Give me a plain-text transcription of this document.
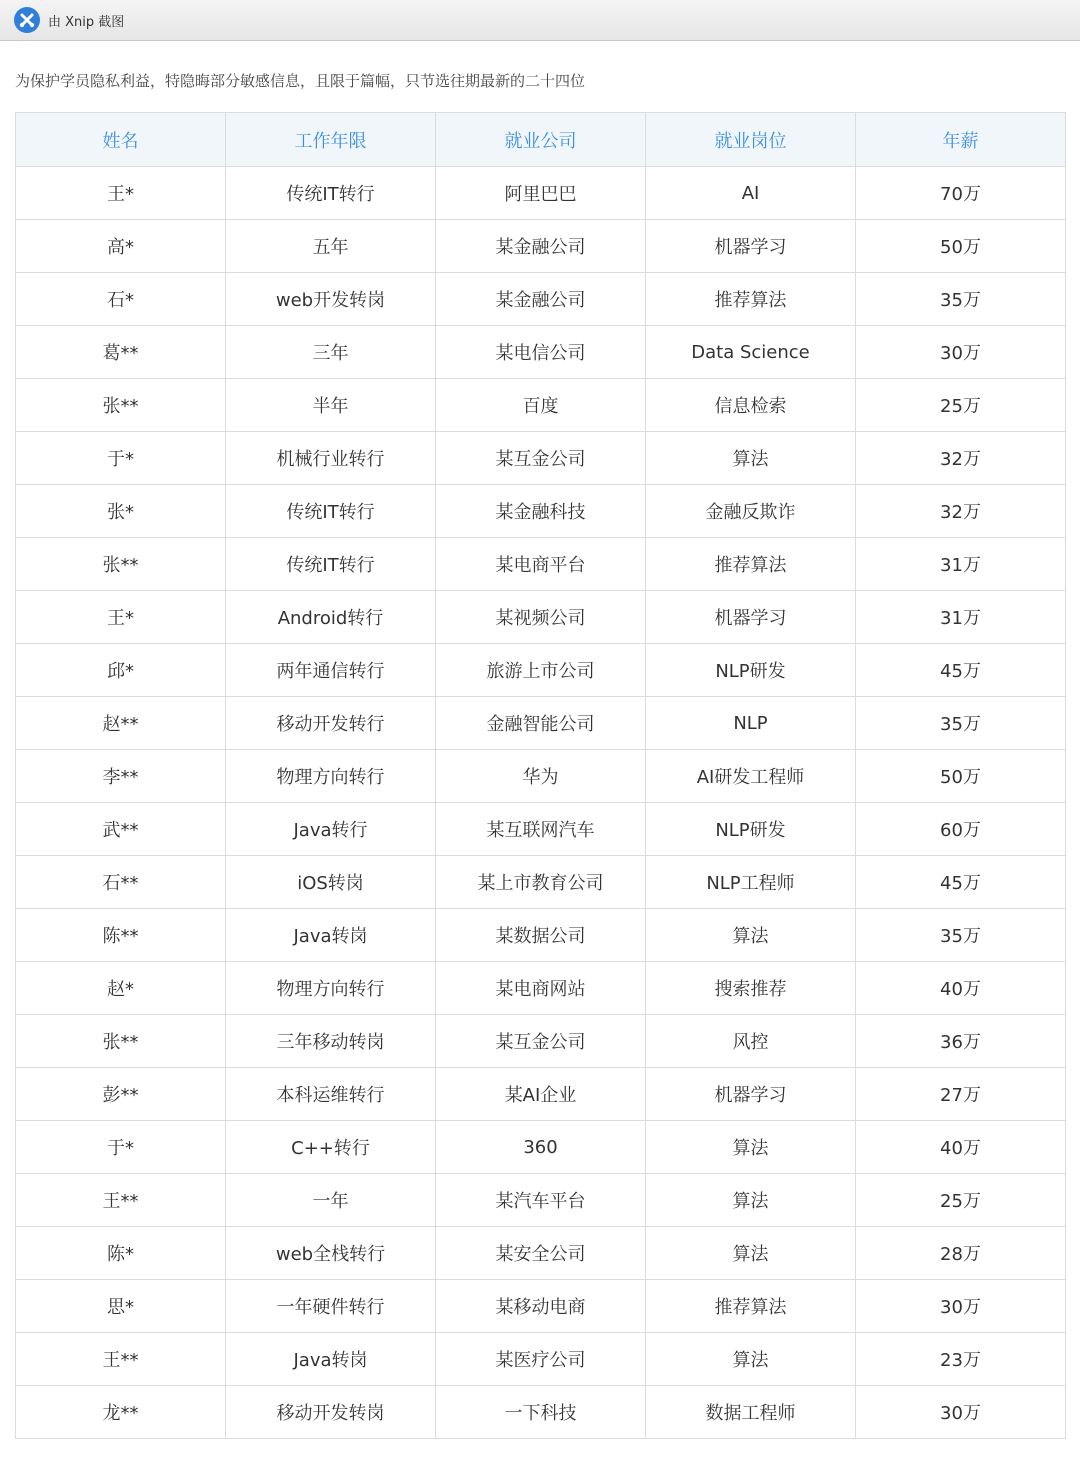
由 Xnip 截图
为保护学员隐私利益，特隐晦部分敏感信息，且限于篇幅，只节选往期最新的二十四位
姓名	工作年限	就业公司	就业岗位	年薪
王*	传统IT转行	阿里巴巴	AI	70万
高*	五年	某金融公司	机器学习	50万
石*	web开发转岗	某金融公司	推荐算法	35万
葛**	三年	某电信公司	Data Science	30万
张**	半年	百度	信息检索	25万
于*	机械行业转行	某互金公司	算法	32万
张*	传统IT转行	某金融科技	金融反欺诈	32万
张**	传统IT转行	某电商平台	推荐算法	31万
王*	Android转行	某视频公司	机器学习	31万
邱*	两年通信转行	旅游上市公司	NLP研发	45万
赵**	移动开发转行	金融智能公司	NLP	35万
李**	物理方向转行	华为	AI研发工程师	50万
武**	Java转行	某互联网汽车	NLP研发	60万
石**	iOS转岗	某上市教育公司	NLP工程师	45万
陈**	Java转岗	某数据公司	算法	35万
赵*	物理方向转行	某电商网站	搜索推荐	40万
张**	三年移动转岗	某互金公司	风控	36万
彭**	本科运维转行	某AI企业	机器学习	27万
于*	C++转行	360	算法	40万
王**	一年	某汽车平台	算法	25万
陈*	web全栈转行	某安全公司	算法	28万
思*	一年硬件转行	某移动电商	推荐算法	30万
王**	Java转岗	某医疗公司	算法	23万
龙**	移动开发转岗	一下科技	数据工程师	30万
